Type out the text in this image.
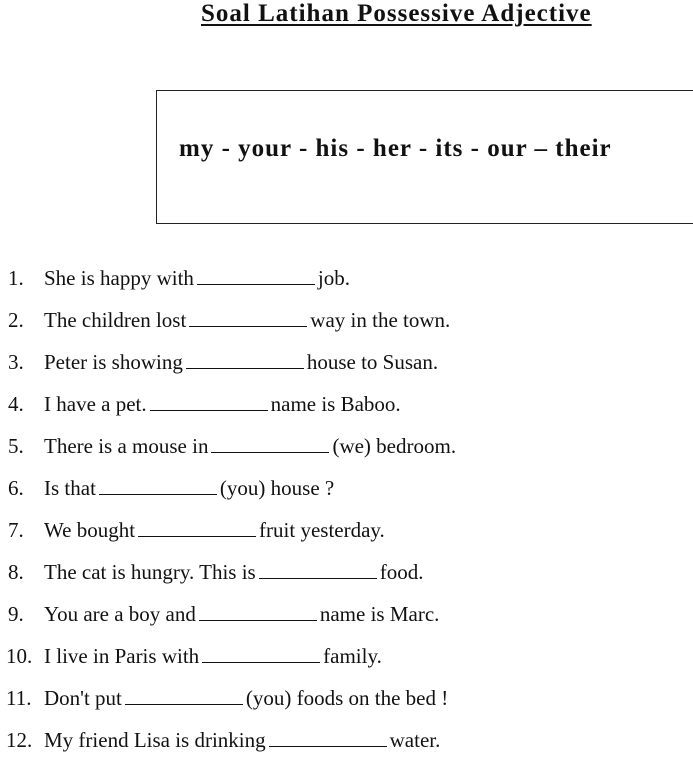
Soal Latihan Possessive Adjective
my - your - his - her - its - our – their
1. She is happy with	job.
2. The children lost	way in the town.
3. Peter is showing	house to Susan.
4. I have a pet.	name is Baboo.
5. There is a mouse in	(we) bedroom.
6. Is that	(you) house ?
7. We bought	fruit yesterday.
8. The cat is hungry. This is	food.
9. You are a boy and	name is Marc.
10. I live in Paris with	family.
11. Don't put	(you) foods on the bed !
12. My friend Lisa is drinking	water.
